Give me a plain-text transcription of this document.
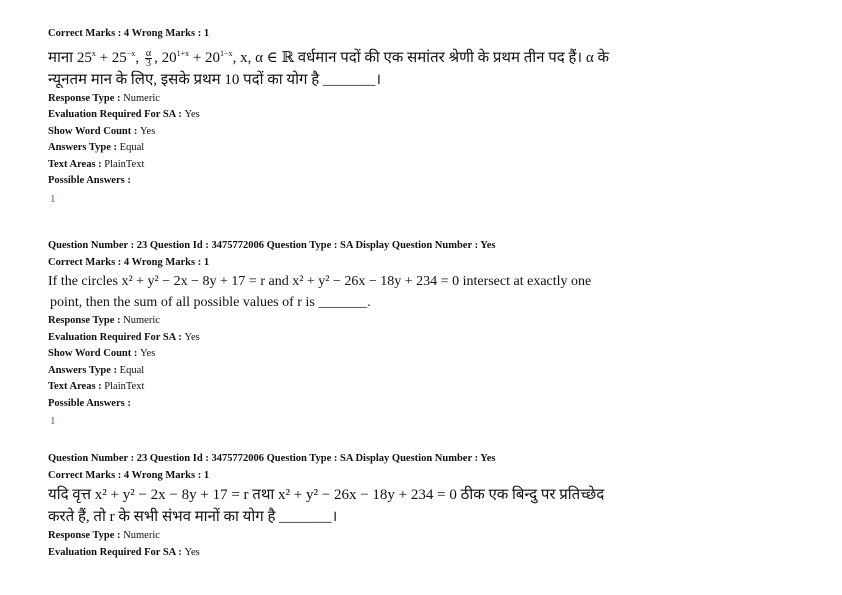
Correct Marks : 4 Wrong Marks : 1
माना $25^x + 25^{-x}$, $\frac{\alpha}{3}$ , $20^{1+x} + 20^{1-x}$, x, α ∈ ℝ वर्धमान पदों की एक समांतर श्रेणी के प्रथम तीन पद हैं। α के
न्यूनतम मान के लिए, इसके प्रथम 10 पदों का योग है _______।
Response Type : Numeric
Evaluation Required For SA : Yes
Show Word Count : Yes
Answers Type : Equal
Text Areas : PlainText
Possible Answers :
1
Question Number : 23 Question Id : 3475772006 Question Type : SA Display Question Number : Yes
Correct Marks : 4 Wrong Marks : 1
If the circles x² + y² − 2x − 8y + 17 = r and x² + y² − 26x − 18y + 234 = 0 intersect at exactly one
point, then the sum of all possible values of r is _______.
Response Type : Numeric
Evaluation Required For SA : Yes
Show Word Count : Yes
Answers Type : Equal
Text Areas : PlainText
Possible Answers :
1
Question Number : 23 Question Id : 3475772006 Question Type : SA Display Question Number : Yes
Correct Marks : 4 Wrong Marks : 1
यदि वृत्त x² + y² − 2x − 8y + 17 = r तथा x² + y² − 26x − 18y + 234 = 0 ठीक एक बिन्दु पर प्रतिच्छेद
करते हैं, तो r के सभी संभव मानों का योग है _______।
Response Type : Numeric
Evaluation Required For SA : Yes
